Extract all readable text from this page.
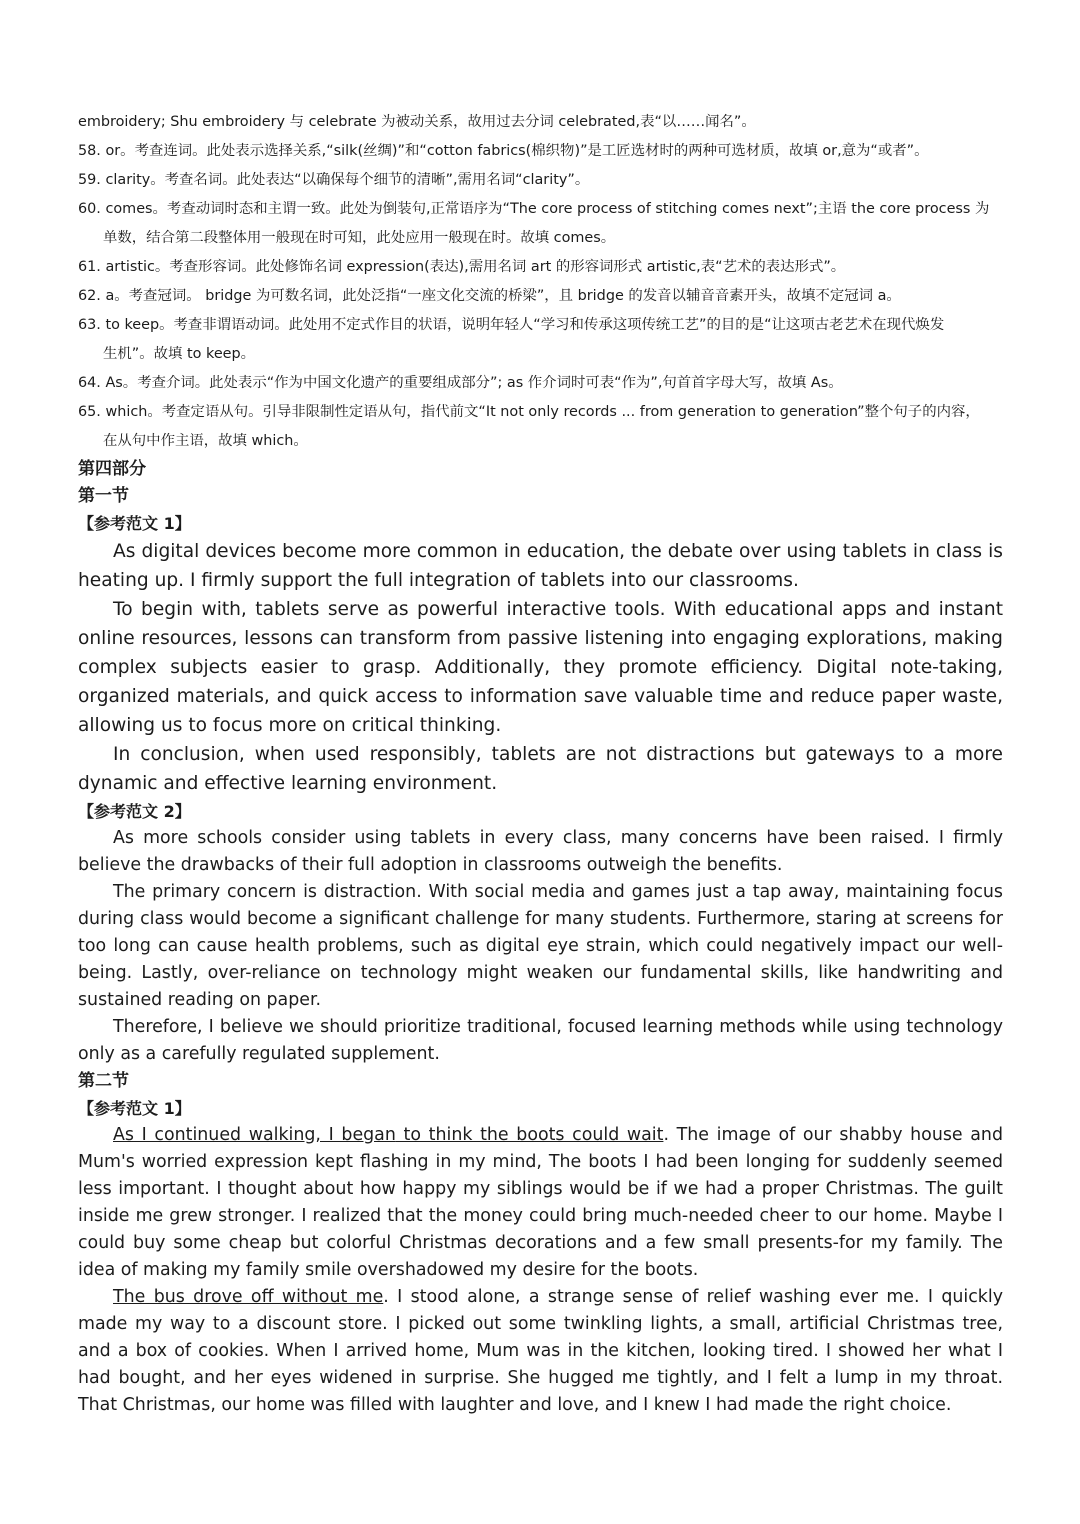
embroidery; Shu embroidery 与 celebrate 为被动关系，故用过去分词 celebrated,表“以……闻名”。

58. or。考查连词。此处表示选择关系,“silk(丝绸)”和“cotton fabrics(棉织物)”是工匠选材时的两种可选材质，故填 or,意为“或者”。

59. clarity。考查名词。此处表达“以确保每个细节的清晰”,需用名词“clarity”。

60. comes。考查动词时态和主谓一致。此处为倒装句,正常语序为“The core process of stitching comes next”;主语 the core process 为
单数，结合第二段整体用一般现在时可知，此处应用一般现在时。故填 comes。

61. artistic。考查形容词。此处修饰名词 expression(表达),需用名词 art 的形容词形式 artistic,表“艺术的表达形式”。

62. a。考查冠词。 bridge 为可数名词，此处泛指“一座文化交流的桥梁”，且 bridge 的发音以辅音音素开头，故填不定冠词 a。

63. to keep。考查非谓语动词。此处用不定式作目的状语，说明年轻人“学习和传承这项传统工艺”的目的是“让这项古老艺术在现代焕发
生机”。故填 to keep。

64. As。考查介词。此处表示“作为中国文化遗产的重要组成部分”; as 作介词时可表“作为”,句首首字母大写，故填 As。

65. which。考查定语从句。引导非限制性定语从句，指代前文“It not only records ... from generation to generation”整个句子的内容，
在从句中作主语，故填 which。

第四部分

第一节

【参考范文 1】

As digital devices become more common in education, the debate over using tablets in class is heating up. I firmly support the full integration of tablets into our classrooms.

To begin with, tablets serve as powerful interactive tools. With educational apps and instant online resources, lessons can transform from passive listening into engaging explorations, making complex subjects easier to grasp. Additionally, they promote efficiency. Digital note-taking, organized materials, and quick access to information save valuable time and reduce paper waste, allowing us to focus more on critical thinking.

In conclusion, when used responsibly, tablets are not distractions but gateways to a more dynamic and effective learning environment.

【参考范文 2】

As more schools consider using tablets in every class, many concerns have been raised. I firmly believe the drawbacks of their full adoption in classrooms outweigh the benefits.

The primary concern is distraction. With social media and games just a tap away, maintaining focus during class would become a significant challenge for many students. Furthermore, staring at screens for too long can cause health problems, such as digital eye strain, which could negatively impact our well-being. Lastly, over-reliance on technology might weaken our fundamental skills, like handwriting and sustained reading on paper.

Therefore, I believe we should prioritize traditional, focused learning methods while using technology only as a carefully regulated supplement.

第二节

【参考范文 1】

As I continued walking, I began to think the boots could wait. The image of our shabby house and Mum's worried expression kept flashing in my mind, The boots I had been longing for suddenly seemed less important. I thought about how happy my siblings would be if we had a proper Christmas. The guilt inside me grew stronger. I realized that the money could bring much-needed cheer to our home. Maybe I could buy some cheap but colorful Christmas decorations and a few small presents-for my family. The idea of making my family smile overshadowed my desire for the boots.

The bus drove off without me. I stood alone, a strange sense of relief washing ever me. I quickly made my way to a discount store. I picked out some twinkling lights, a small, artificial Christmas tree, and a box of cookies. When I arrived home, Mum was in the kitchen, looking tired. I showed her what I had bought, and her eyes widened in surprise. She hugged me tightly, and I felt a lump in my throat. That Christmas, our home was filled with laughter and love, and I knew I had made the right choice.
